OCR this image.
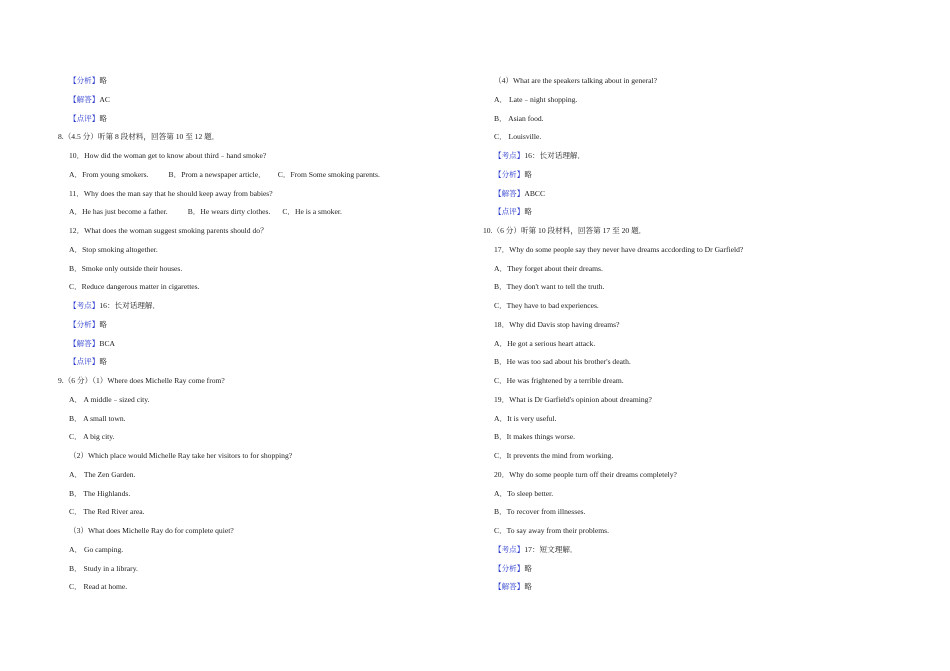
【分析】略
【解答】AC
【点评】略
8.（4.5 分）听第 8 段材料，回答第 10 至 12 题．
10．How did the woman get to know about third﹣hand smoke?
A．From young smokers.	B．Prom a newspaper article． C．From Some smoking parents.
11．Why does the man say that he should keep away from babies?
A．He has just become a father.	B．He wears dirty clothes. C．He is a smoker.
12．What does the woman suggest smoking parents should do？
A．Stop smoking altogether.
B．Smoke only outside their houses.
C．Reduce dangerous matter in cigarettes.
【考点】16：长对话理解．
【分析】略
【解答】BCA
【点评】略
9.（6 分）（1）Where does Michelle Ray come from?
A． A middle﹣sized city.
B． A small town.
C． A big city.
（2）Which place would Michelle Ray take her visitors to for shopping?
A． The Zen Garden.
B． The Highlands.
C． The Red River area.
（3）What does Michelle Ray do for complete quiet?
A． Go camping.
B． Study in a library.
C． Read at home.
（4）What are the speakers talking about in general?
A． Late﹣night shopping.
B． Asian food.
C． Louisville.
【考点】16：长对话理解．
【分析】略
【解答】ABCC
【点评】略
10.（6 分）听第 10 段材料，回答第 17 至 20 题．
17．Why do some people say they never have dreams accdording to Dr Garfield?
A．They forget about their dreams.
B．They don't want to tell the truth.
C．They have to bad experiences.
18．Why did Davis stop having dreams?
A．He got a serious heart attack.
B．He was too sad about his brother's death.
C．He was frightened by a terrible dream.
19．What is Dr Garfield's opinion about dreaming?
A．It is very useful.
B．It makes things worse.
C．It prevents the mind from working.
20．Why do some people turn off their dreams completely?
A．To sleep better.
B．To recover from illnesses.
C．To say away from their problems.
【考点】17：短文理解．
【分析】略
【解答】略
